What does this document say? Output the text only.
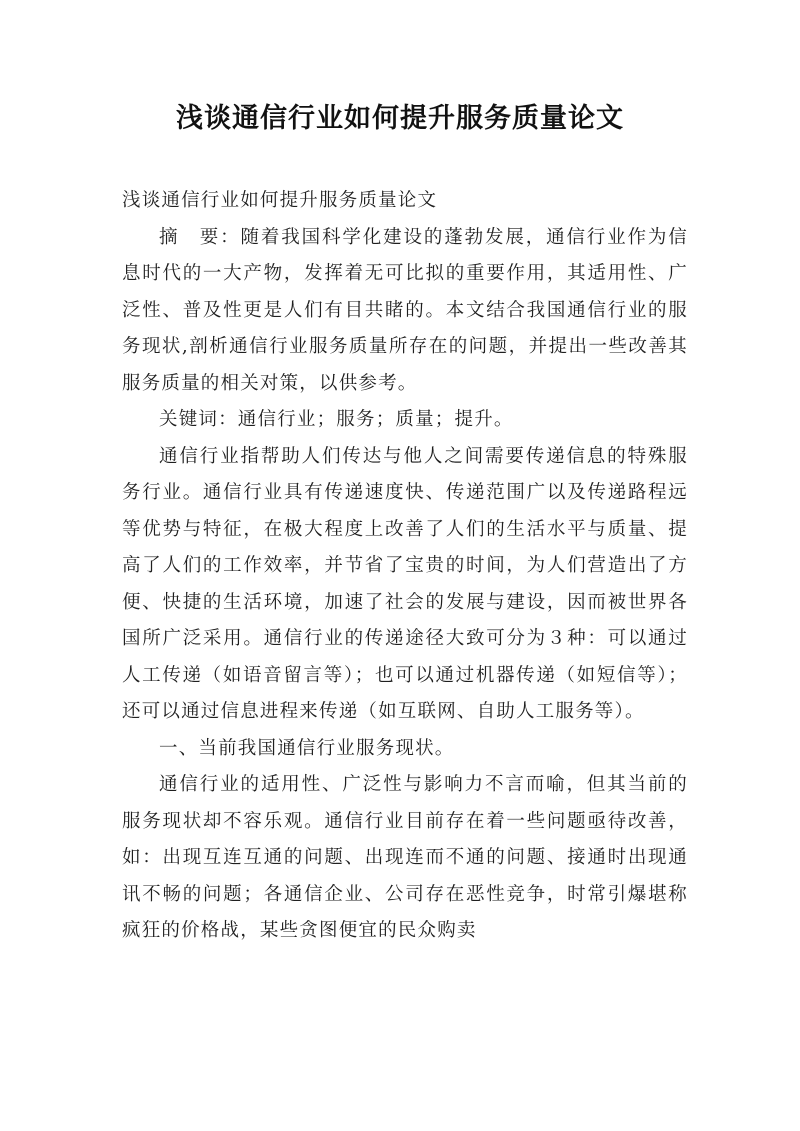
浅谈通信行业如何提升服务质量论文

浅谈通信行业如何提升服务质量论文

摘　要：随着我国科学化建设的蓬勃发展，通信行业作为信息时代的一大产物，发挥着无可比拟的重要作用，其适用性、广泛性、普及性更是人们有目共睹的。本文结合我国通信行业的服务现状,剖析通信行业服务质量所存在的问题，并提出一些改善其服务质量的相关对策，以供参考。

关键词：通信行业；服务；质量；提升。

通信行业指帮助人们传达与他人之间需要传递信息的特殊服务行业。通信行业具有传递速度快、传递范围广以及传递路程远等优势与特征，在极大程度上改善了人们的生活水平与质量、提高了人们的工作效率，并节省了宝贵的时间，为人们营造出了方便、快捷的生活环境，加速了社会的发展与建设，因而被世界各国所广泛采用。通信行业的传递途径大致可分为３种：可以通过人工传递（如语音留言等）；也可以通过机器传递（如短信等）；还可以通过信息进程来传递（如互联网、自助人工服务等）。

一、当前我国通信行业服务现状。

通信行业的适用性、广泛性与影响力不言而喻，但其当前的服务现状却不容乐观。通信行业目前存在着一些问题亟待改善，如：出现互连互通的问题、出现连而不通的问题、接通时出现通讯不畅的问题；各通信企业、公司存在恶性竞争，时常引爆堪称疯狂的价格战，某些贪图便宜的民众购卖
